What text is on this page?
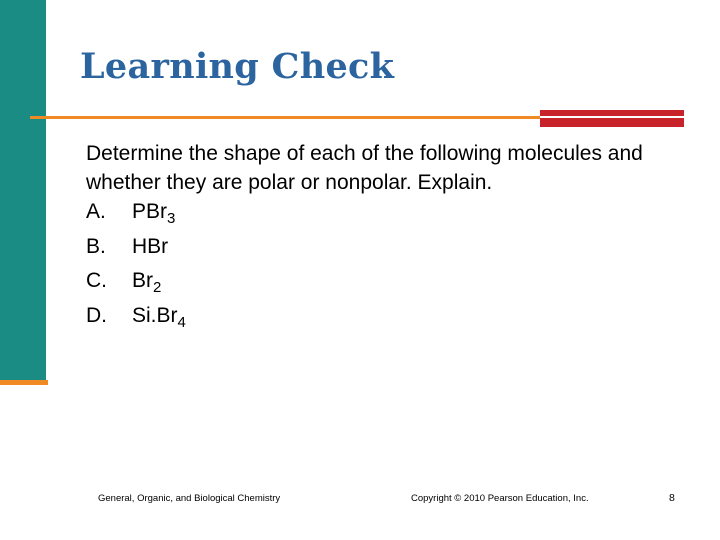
Learning Check

Determine the shape of each of the following molecules and whether they are polar or nonpolar. Explain.

A. PBr$_3$
B. HBr
C. $Br_2$
D. $Si.Br_4$
General, Organic, and Biological Chemistry	Copyright © 2010 Pearson Education, Inc.	8
